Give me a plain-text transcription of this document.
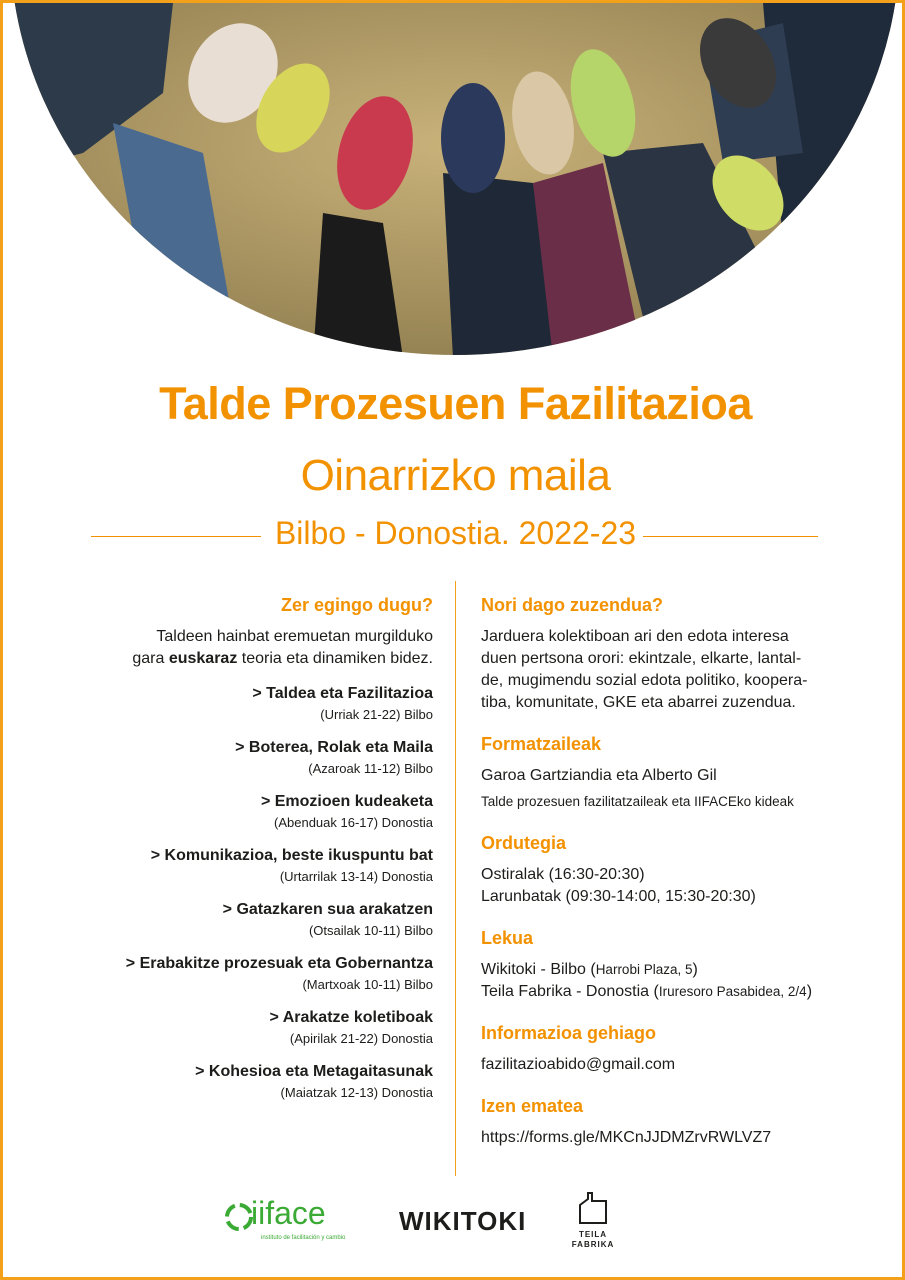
Talde Prozesuen Fazilitazioa
Oinarrizko maila
Bilbo - Donostia. 2022-23
Zer egingo dugu?

Taldeen hainbat eremuetan murgilduko
gara euskaraz teoria eta dinamiken bidez.

> Taldea eta Fazilitazioa
(Urriak 21-22) Bilbo
> Boterea, Rolak eta Maila
(Azaroak 11-12) Bilbo
> Emozioen kudeaketa
(Abenduak 16-17) Donostia
> Komunikazioa, beste ikuspuntu bat
(Urtarrilak 13-14) Donostia
> Gatazkaren sua arakatzen
(Otsailak 10-11) Bilbo
> Erabakitze prozesuak eta Gobernantza
(Martxoak 10-11) Bilbo
> Arakatze koletiboak
(Apirilak 21-22) Donostia
> Kohesioa eta Metagaitasunak
(Maiatzak 12-13) Donostia
Nori dago zuzendua?

Jarduera kolektiboan ari den edota interesa
duen pertsona orori: ekintzale, elkarte, lantal-
de, mugimendu sozial edota politiko, koopera-
tiba, komunitate, GKE eta abarrei zuzendua.

Formatzaileak

Garoa Gartziandia eta Alberto Gil

Talde prozesuen fazilitatzaileak eta IIFACEko kideak

Ordutegia

Ostiralak (16:30-20:30)

Larunbatak (09:30-14:00, 15:30-20:30)

Lekua

Wikitoki - Bilbo (Harrobi Plaza, 5)

Teila Fabrika - Donostia (Iruresoro Pasabidea, 2/4)

Informazioa gehiago

fazilitazioabido@gmail.com

Izen ematea

https://forms.gle/MKCnJJDMZrvRWLVZ7

iiface
instituto de facilitación y cambio
WIKITOKI	TEILA
FABRIKA
